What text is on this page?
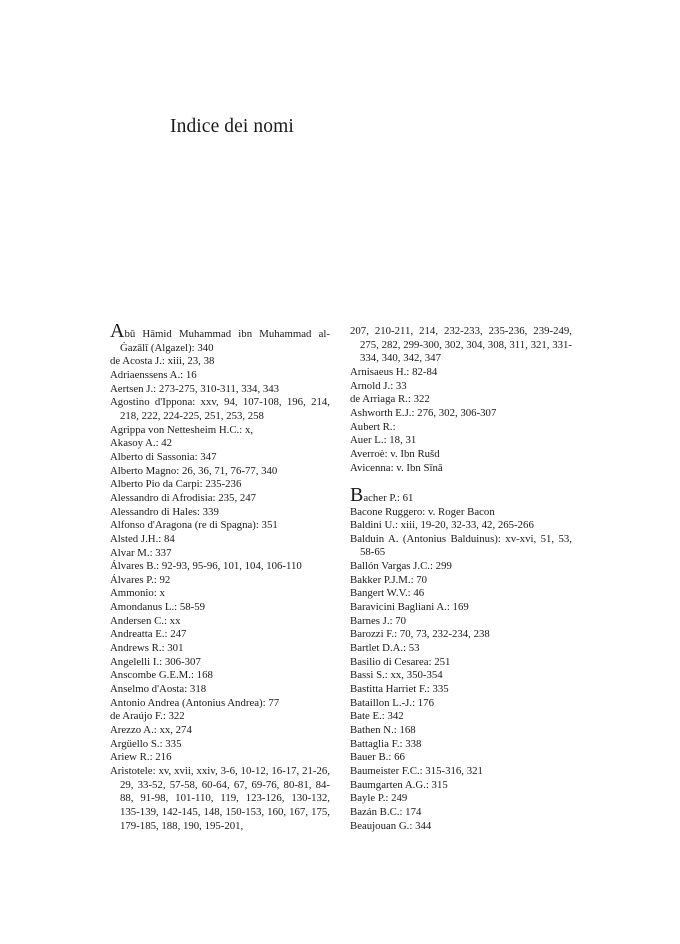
Indice dei nomi
Abū Hāmid Muhammad ibn Muhammad al-Ġazālī (Algazel): 340
de Acosta J.: xiii, 23, 38
Adriaenssens A.: 16
Aertsen J.: 273-275, 310-311, 334, 343
Agostino d'Ippona: xxv, 94, 107-108, 196, 214, 218, 222, 224-225, 251, 253, 258
Agrippa von Nettesheim H.C.: x,
Akasoy A.: 42
Alberto di Sassonia: 347
Alberto Magno: 26, 36, 71, 76-77, 340
Alberto Pio da Carpi: 235-236
Alessandro di Afrodisia: 235, 247
Alessandro di Hales: 339
Alfonso d'Aragona (re di Spagna): 351
Alsted J.H.: 84
Alvar M.: 337
Álvares B.: 92-93, 95-96, 101, 104, 106-110
Álvares P.: 92
Ammonio: x
Amondanus L.: 58-59
Andersen C.: xx
Andreatta E.: 247
Andrews R.: 301
Angelelli I.: 306-307
Anscombe G.E.M.: 168
Anselmo d'Aosta: 318
Antonio Andrea (Antonius Andrea): 77
de Araújo F.: 322
Arezzo A.: xx, 274
Argüello S.: 335
Ariew R.: 216
Aristotele: xv, xvii, xxiv, 3-6, 10-12, 16-17, 21-26, 29, 33-52, 57-58, 60-64, 67, 69-76, 80-81, 84-88, 91-98, 101-110, 119, 123-126, 130-132, 135-139, 142-145, 148, 150-153, 160, 167, 175, 179-185, 188, 190, 195-201,
207, 210-211, 214, 232-233, 235-236, 239-249, 275, 282, 299-300, 302, 304, 308, 311, 321, 331-334, 340, 342, 347
Arnisaeus H.: 82-84
Arnold J.: 33
de Arriaga R.: 322
Ashworth E.J.: 276, 302, 306-307
Aubert R.:
Auer L.: 18, 31
Averroè: v. Ibn Rušd
Avicenna: v. Ibn Sīnā
Bacher P.: 61
Bacone Ruggero: v. Roger Bacon
Baldini U.: xiii, 19-20, 32-33, 42, 265-266
Balduin A. (Antonius Balduinus): xv-xvi, 51, 53, 58-65
Ballón Vargas J.C.: 299
Bakker P.J.M.: 70
Bangert W.V.: 46
Baravicini Bagliani A.: 169
Barnes J.: 70
Barozzi F.: 70, 73, 232-234, 238
Bartlet D.A.: 53
Basilio di Cesarea: 251
Bassi S.: xx, 350-354
Bastitta Harriet F.: 335
Bataillon L.-J.: 176
Bate E.: 342
Bathen N.: 168
Battaglia F.: 338
Bauer B.: 66
Baumeister F.C.: 315-316, 321
Baumgarten A.G.: 315
Bayle P.: 249
Bazán B.C.: 174
Beaujouan G.: 344
